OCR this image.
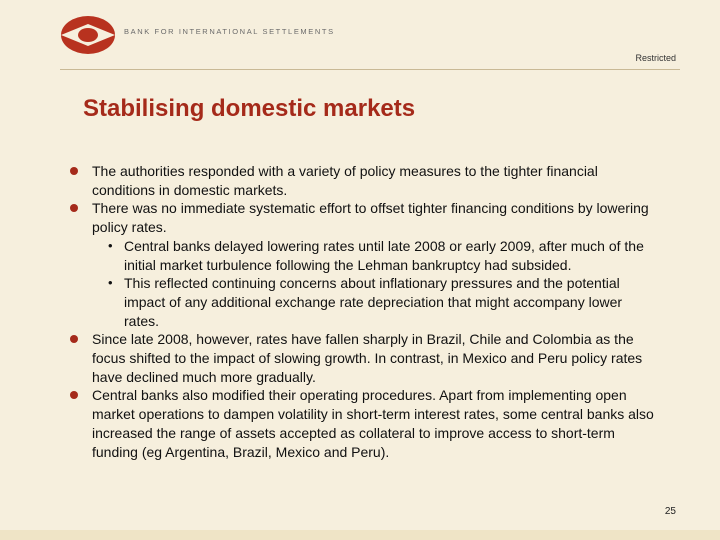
BANK FOR INTERNATIONAL SETTLEMENTS
Restricted
Stabilising domestic markets
The authorities responded with a variety of policy measures to the tighter financial conditions in domestic markets.
There was no immediate systematic effort to offset tighter financing conditions by lowering policy rates.
• Central banks delayed lowering rates until late 2008 or early 2009, after much of the initial market turbulence following the Lehman bankruptcy had subsided.
• This reflected continuing concerns about inflationary pressures and the potential impact of any additional exchange rate depreciation that might accompany lower rates.
Since late 2008, however, rates have fallen sharply in Brazil, Chile and Colombia as the focus shifted to the impact of slowing growth. In contrast, in Mexico and Peru policy rates have declined much more gradually.
Central banks also modified their operating procedures. Apart from implementing open market operations to dampen volatility in short-term interest rates, some central banks also increased the range of assets accepted as collateral to improve access to short-term funding (eg Argentina, Brazil, Mexico and Peru).
25
